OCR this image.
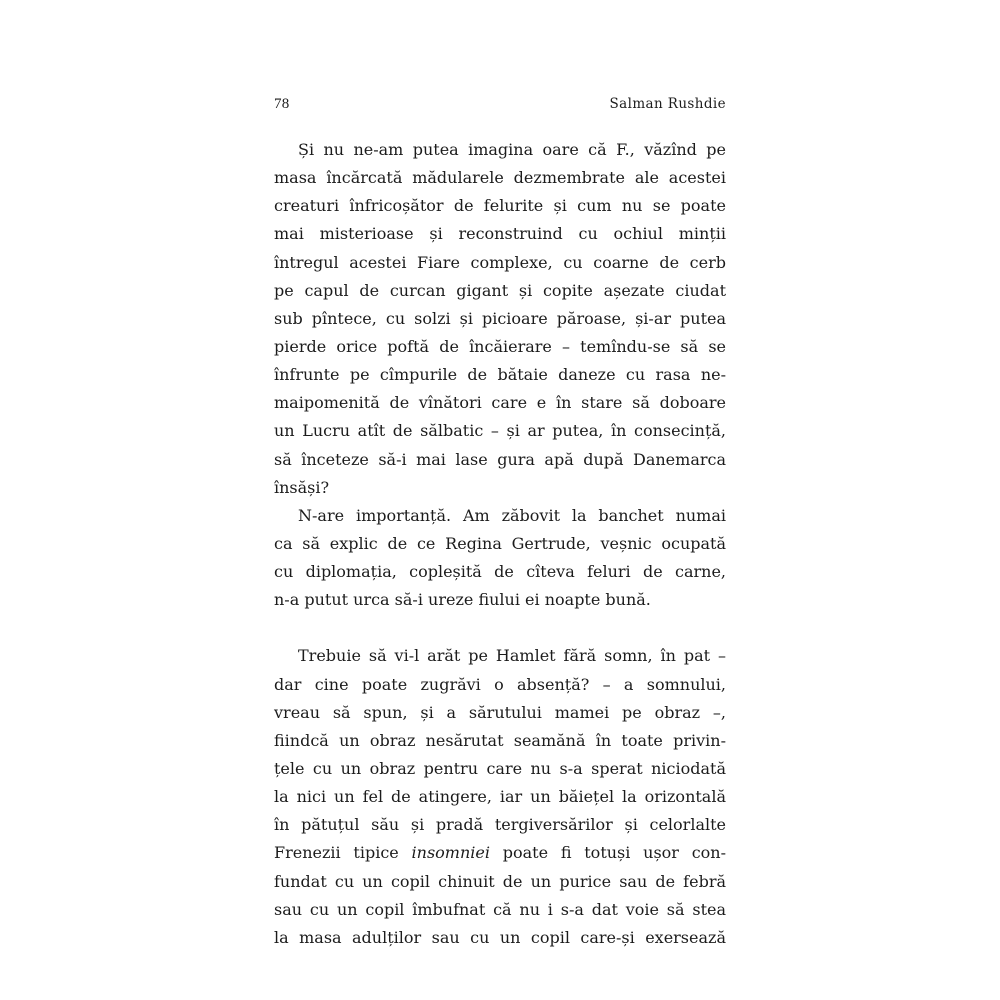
78	Salman Rushdie
Și nu ne-am putea imagina oare că F., văzînd pe
masa încărcată mădularele dezmembrate ale acestei
creaturi înfricoșător de felurite și cum nu se poate
mai misterioase și reconstruind cu ochiul minții
întregul acestei Fiare complexe, cu coarne de cerb
pe capul de curcan gigant și copite așezate ciudat
sub pîntece, cu solzi și picioare păroase, și-ar putea
pierde orice poftă de încăierare – temîndu-se să se
înfrunte pe cîmpurile de bătaie daneze cu rasa ne-
maipomenită de vînători care e în stare să doboare
un Lucru atît de sălbatic – și ar putea, în consecință,
să înceteze să-i mai lase gura apă după Danemarca
însăși?
N-are importanță. Am zăbovit la banchet numai
ca să explic de ce Regina Gertrude, veșnic ocupată
cu diplomația, copleșită de cîteva feluri de carne,
n-a putut urca să-i ureze fiului ei noapte bună.
Trebuie să vi-l arăt pe Hamlet fără somn, în pat –
dar cine poate zugrăvi o absență? – a somnului,
vreau să spun, și a sărutului mamei pe obraz –,
fiindcă un obraz nesărutat seamănă în toate privin-
țele cu un obraz pentru care nu s-a sperat niciodată
la nici un fel de atingere, iar un băiețel la orizontală
în pătuțul său și pradă tergiversărilor și celorlalte
Frenezii tipice insomniei poate fi totuși ușor con-
fundat cu un copil chinuit de un purice sau de febră
sau cu un copil îmbufnat că nu i s-a dat voie să stea
la masa adulților sau cu un copil care-și exersează
